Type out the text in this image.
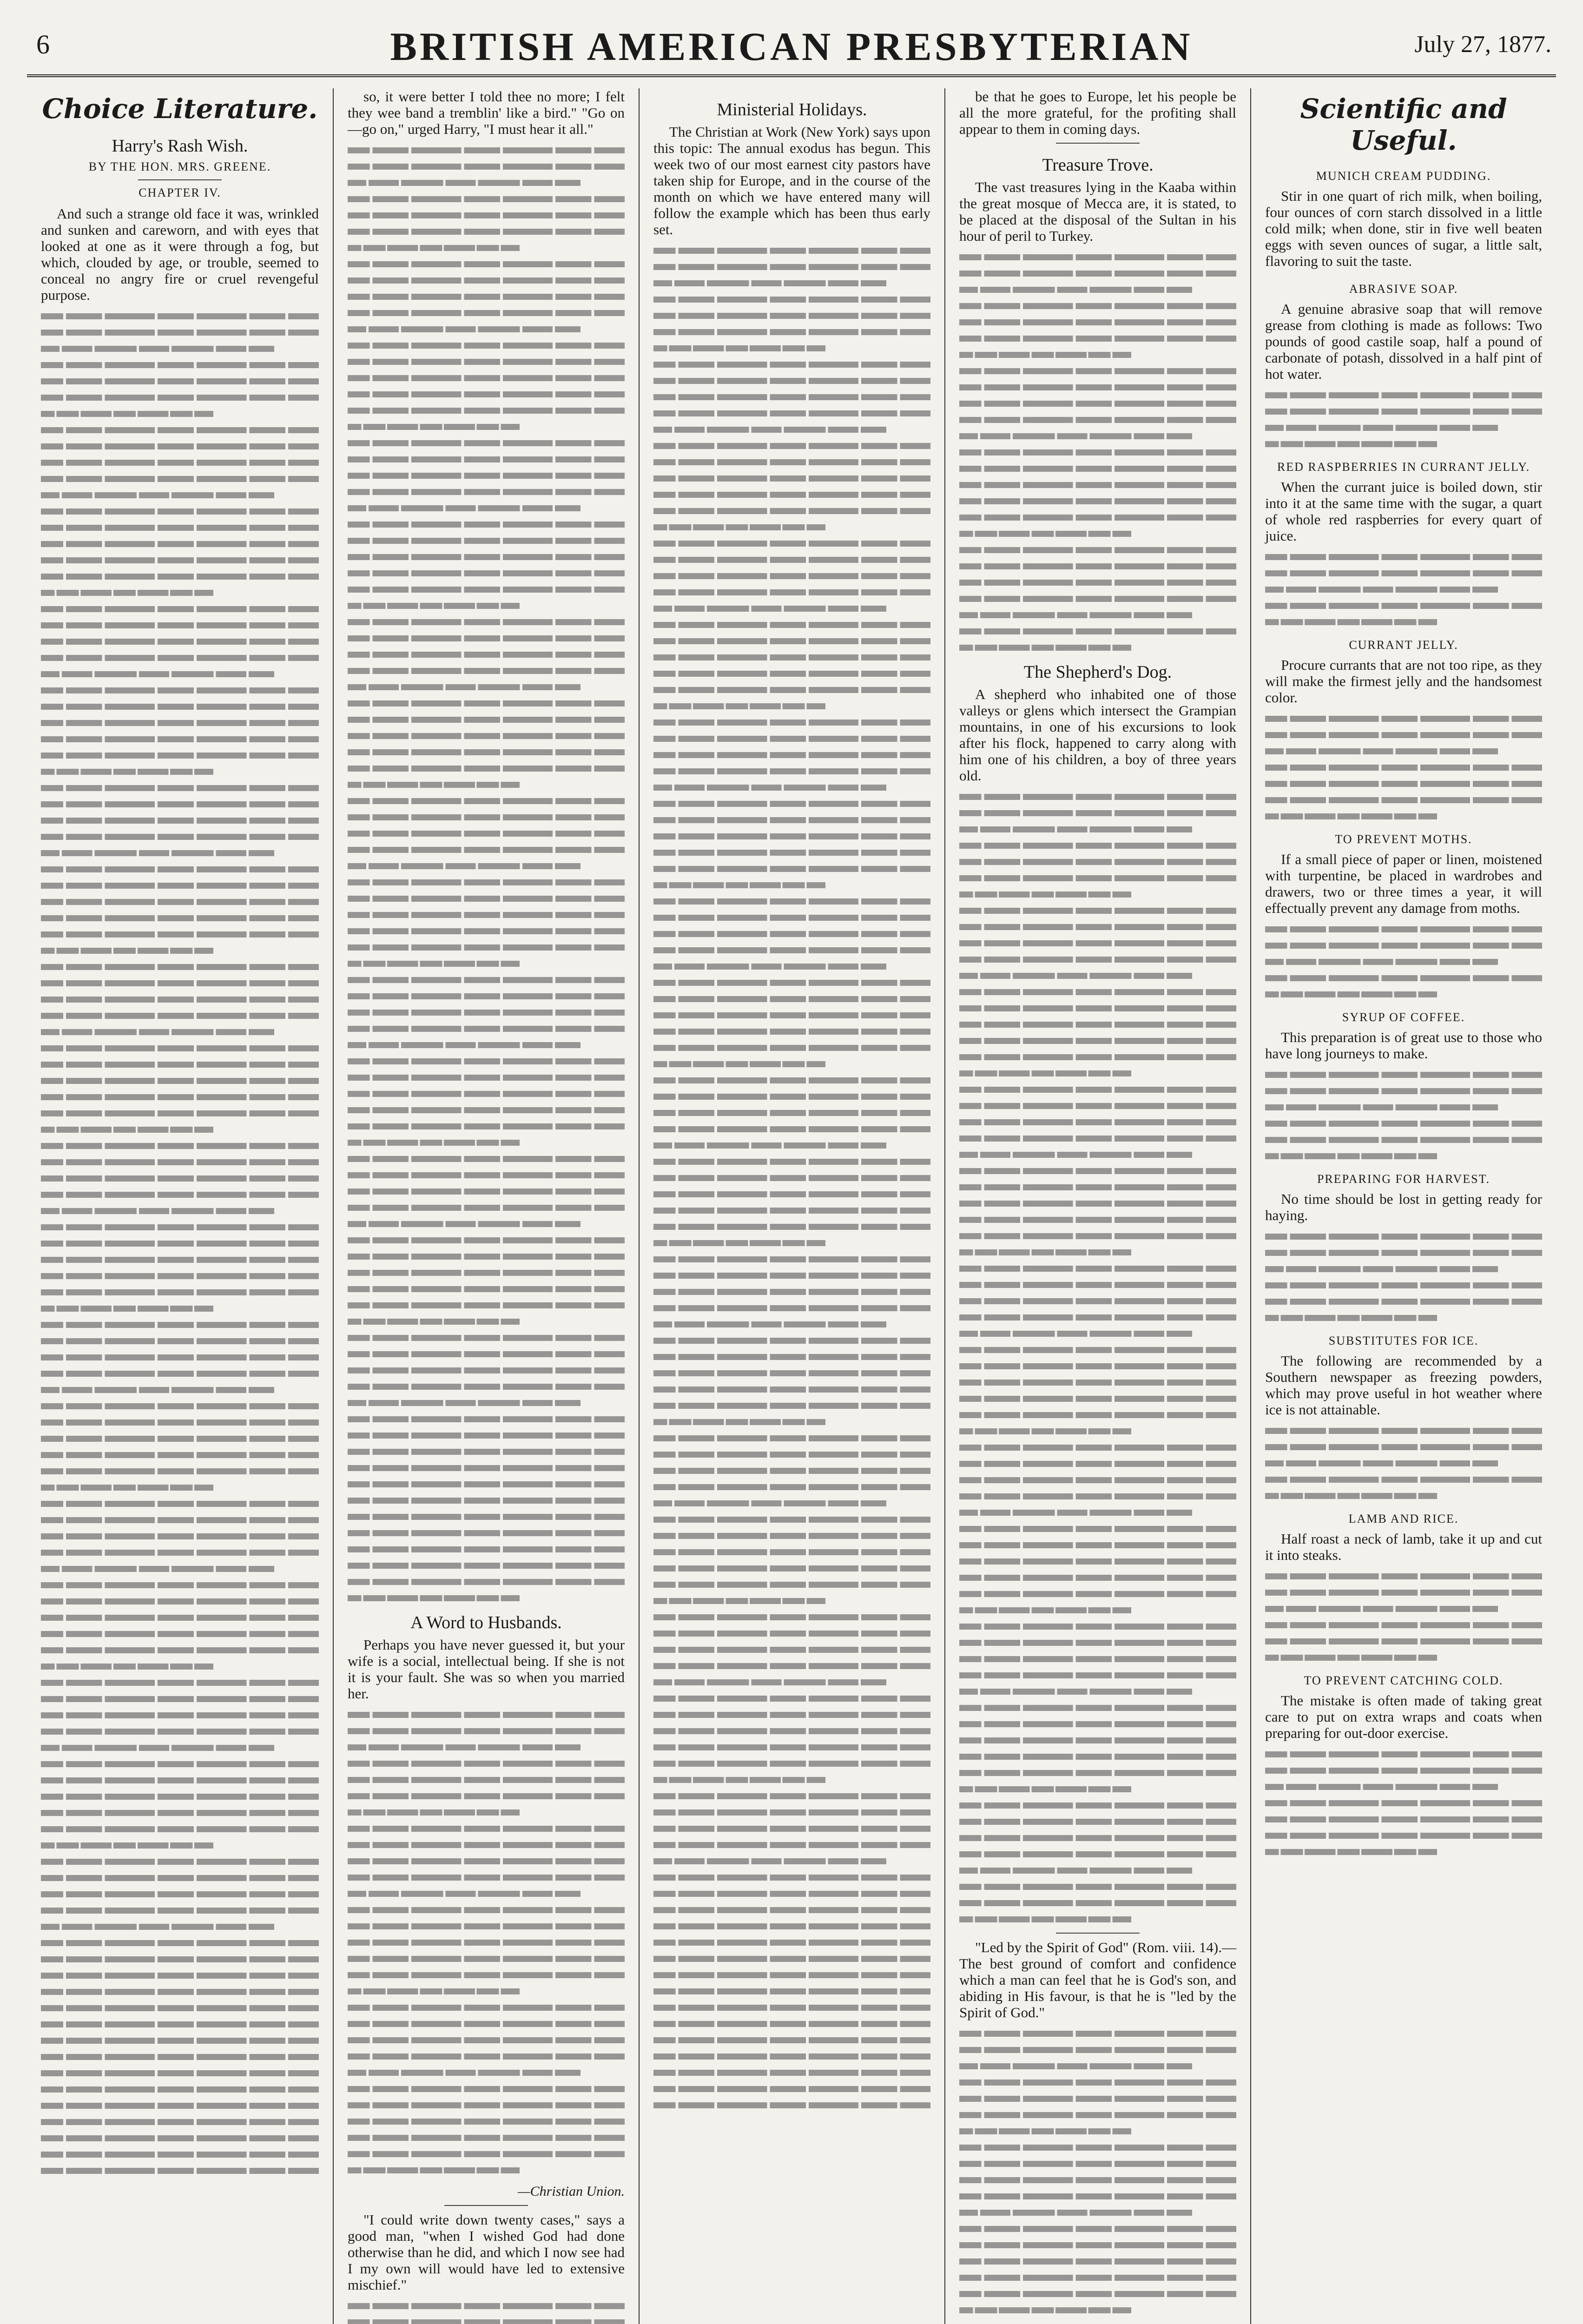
6	BRITISH AMERICAN PRESBYTERIAN	July 27, 1877.
Choice Literature.
Harry's Rash Wish.
BY THE HON. MRS. GREENE.
CHAPTER IV.

And such a strange old face it was, wrinkled and sunken and careworn, and with eyes that looked at one as it were through a fog, but which, clouded by age, or trouble, seemed to conceal no angry fire or cruel revengeful purpose.

so, it were better I told thee no more; I felt they wee band a tremblin' like a bird." "Go on—go on," urged Harry, "I must hear it all."

A Word to Husbands.

Perhaps you have never guessed it, but your wife is a social, intellectual being. If she is not it is your fault. She was so when you married her.

—Christian Union.

"I could write down twenty cases," says a good man, "when I wished God had done otherwise than he did, and which I now see had I my own will would have led to extensive mischief."

Ministerial Holidays.

The Christian at Work (New York) says upon this topic: The annual exodus has begun. This week two of our most earnest city pastors have taken ship for Europe, and in the course of the month on which we have entered many will follow the example which has been thus early set.

be that he goes to Europe, let his people be all the more grateful, for the profiting shall appear to them in coming days.

Treasure Trove.

The vast treasures lying in the Kaaba within the great mosque of Mecca are, it is stated, to be placed at the disposal of the Sultan in his hour of peril to Turkey.

The Shepherd's Dog.

A shepherd who inhabited one of those valleys or glens which intersect the Grampian mountains, in one of his excursions to look after his flock, happened to carry along with him one of his children, a boy of three years old.

"Led by the Spirit of God" (Rom. viii. 14).—The best ground of comfort and confidence which a man can feel that he is God's son, and abiding in His favour, is that he is "led by the Spirit of God."

Scientific and Useful.
MUNICH CREAM PUDDING.

Stir in one quart of rich milk, when boiling, four ounces of corn starch dissolved in a little cold milk; when done, stir in five well beaten eggs with seven ounces of sugar, a little salt, flavoring to suit the taste.

ABRASIVE SOAP.

A genuine abrasive soap that will remove grease from clothing is made as follows: Two pounds of good castile soap, half a pound of carbonate of potash, dissolved in a half pint of hot water.

RED RASPBERRIES IN CURRANT JELLY.

When the currant juice is boiled down, stir into it at the same time with the sugar, a quart of whole red raspberries for every quart of juice.

CURRANT JELLY.

Procure currants that are not too ripe, as they will make the firmest jelly and the handsomest color.

TO PREVENT MOTHS.

If a small piece of paper or linen, moistened with turpentine, be placed in wardrobes and drawers, two or three times a year, it will effectually prevent any damage from moths.

SYRUP OF COFFEE.

This preparation is of great use to those who have long journeys to make.

PREPARING FOR HARVEST.

No time should be lost in getting ready for haying.

SUBSTITUTES FOR ICE.

The following are recommended by a Southern newspaper as freezing powders, which may prove useful in hot weather where ice is not attainable.

LAMB AND RICE.

Half roast a neck of lamb, take it up and cut it into steaks.

TO PREVENT CATCHING COLD.

The mistake is often made of taking great care to put on extra wraps and coats when preparing for out-door exercise.
